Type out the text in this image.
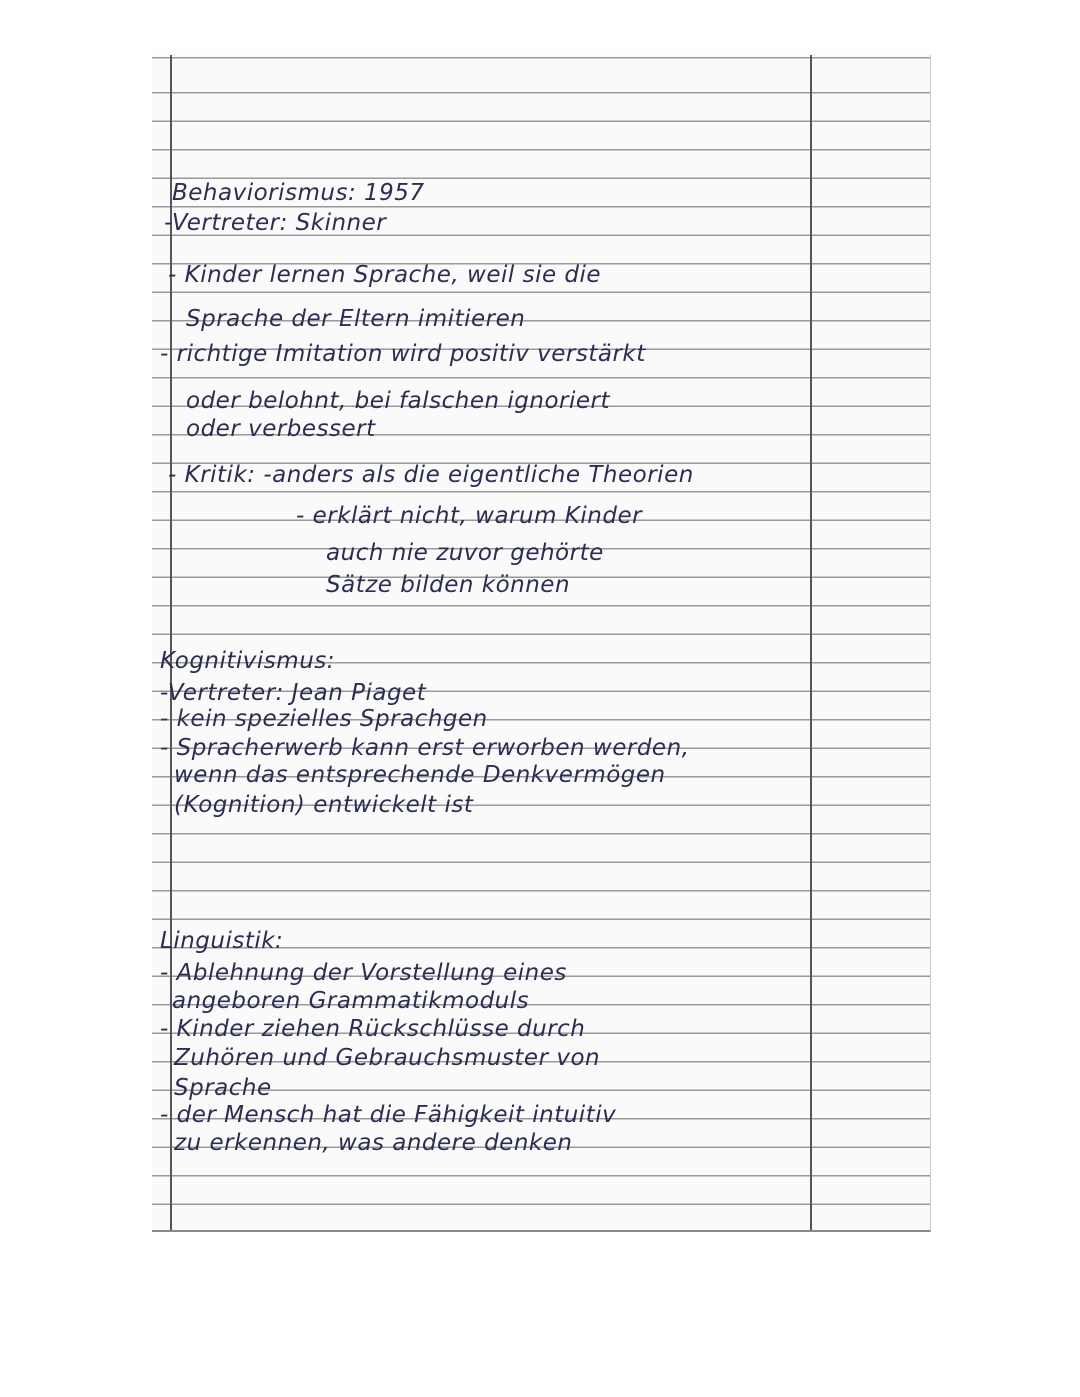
Behaviorismus: 1957
-Vertreter: Skinner
- Kinder lernen Sprache, weil sie die
Sprache der Eltern imitieren
- richtige Imitation wird positiv verstärkt
oder belohnt, bei falschen ignoriert
oder verbessert
- Kritik: -anders als die eigentliche Theorien
- erklärt nicht, warum Kinder
auch nie zuvor gehörte
Sätze bilden können
Kognitivismus:
-Vertreter: Jean Piaget
- kein spezielles Sprachgen
- Spracherwerb kann erst erworben werden,
wenn das entsprechende Denkvermögen
(Kognition) entwickelt ist
Linguistik:
- Ablehnung der Vorstellung eines
angeboren Grammatikmoduls
- Kinder ziehen Rückschlüsse durch
Zuhören und Gebrauchsmuster von
Sprache
- der Mensch hat die Fähigkeit intuitiv
zu erkennen, was andere denken
